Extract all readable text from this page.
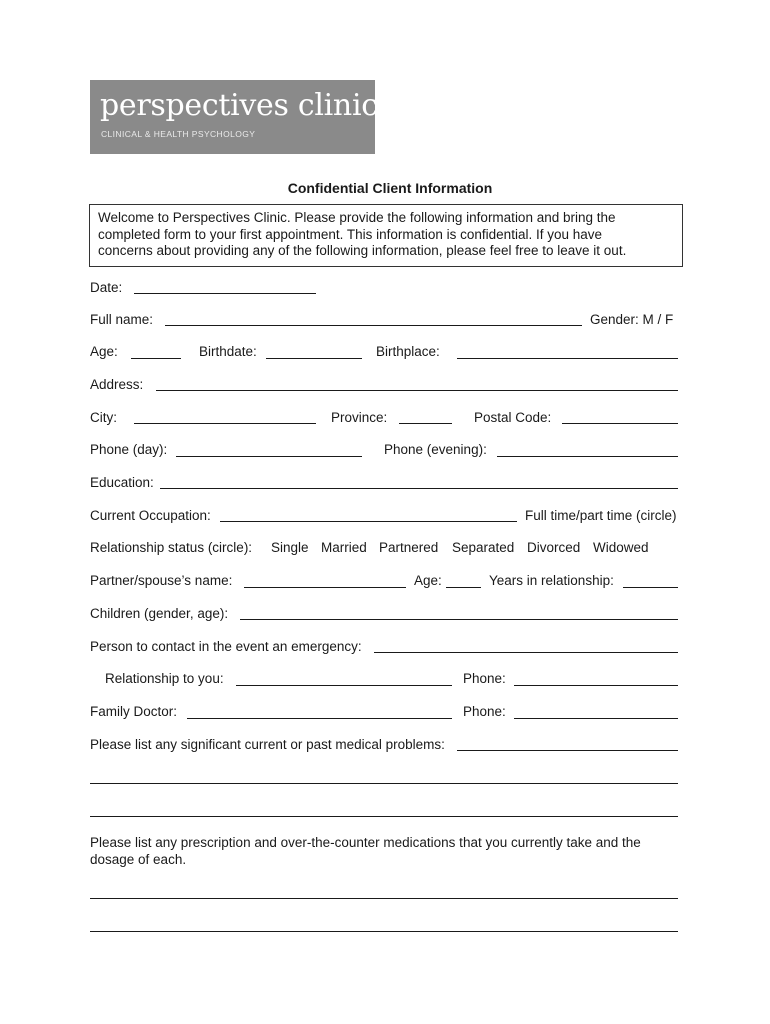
perspectives clinic
CLINICAL & HEALTH PSYCHOLOGY
Confidential Client Information
Welcome to Perspectives Clinic. Please provide the following information and bring the
completed form to your first appointment. This information is confidential. If you have
concerns about providing any of the following information, please feel free to leave it out.
Date:
Full name:	Gender: M / F
Age:	Birthdate:	Birthplace:
Address:
City:	Province:	Postal Code:
Phone (day):	Phone (evening):
Education:
Current Occupation:	Full time/part time (circle)
Relationship status (circle): Single Married Partnered Separated Divorced Widowed
Partner/spouse’s name:	Age:	Years in relationship:
Children (gender, age):
Person to contact in the event an emergency:
Relationship to you:	Phone:
Family Doctor:	Phone:
Please list any significant current or past medical problems:
Please list any prescription and over-the-counter medications that you currently take and the
dosage of each.
